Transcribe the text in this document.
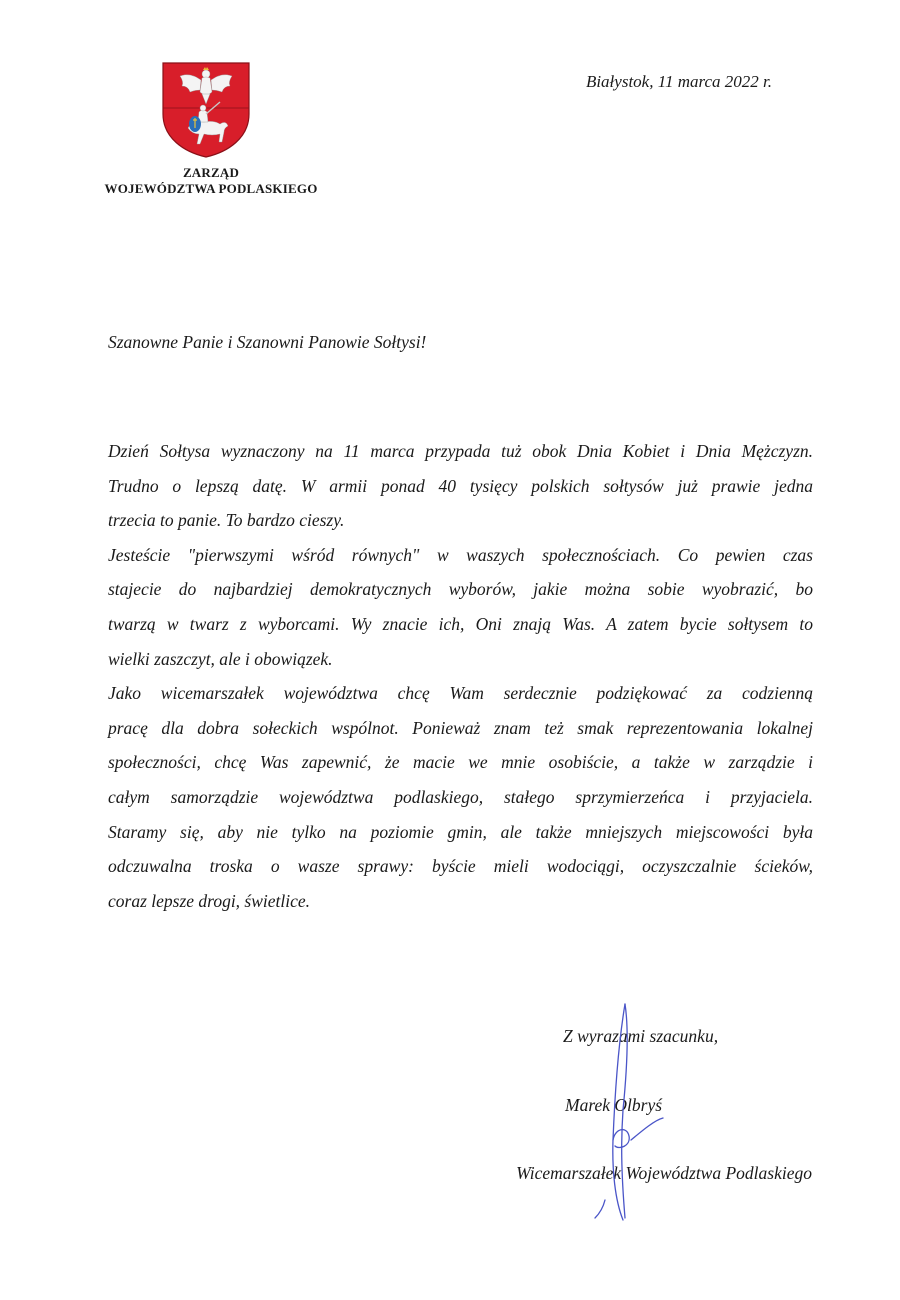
ZARZĄD
WOJEWÓDZTWA PODLASKIEGO
Białystok, 11 marca 2022 r.
Szanowne Panie i Szanowni Panowie Sołtysi!

Dzień Sołtysa wyznaczony na 11 marca przypada tuż obok Dnia Kobiet i Dnia Mężczyzn.
Trudno o lepszą datę. W armii ponad 40 tysięcy polskich sołtysów już prawie jedna
trzecia to panie. To bardzo cieszy.

Jesteście "pierwszymi wśród równych" w waszych społecznościach. Co pewien czas
stajecie do najbardziej demokratycznych wyborów, jakie można sobie wyobrazić, bo
twarzą w twarz z wyborcami. Wy znacie ich, Oni znają Was. A zatem bycie sołtysem to
wielki zaszczyt, ale i obowiązek.

Jako wicemarszałek województwa chcę Wam serdecznie podziękować za codzienną
pracę dla dobra sołeckich wspólnot. Ponieważ znam też smak reprezentowania lokalnej
społeczności, chcę Was zapewnić, że macie we mnie osobiście, a także w zarządzie i
całym samorządzie województwa podlaskiego, stałego sprzymierzeńca i przyjaciela.
Staramy się, aby nie tylko na poziomie gmin, ale także mniejszych miejscowości była
odczuwalna troska o wasze sprawy: byście mieli wodociągi, oczyszczalnie ścieków,
coraz lepsze drogi, świetlice.

Z wyrazami szacunku,
Marek Olbryś
Wicemarszałek Województwa Podlaskiego
